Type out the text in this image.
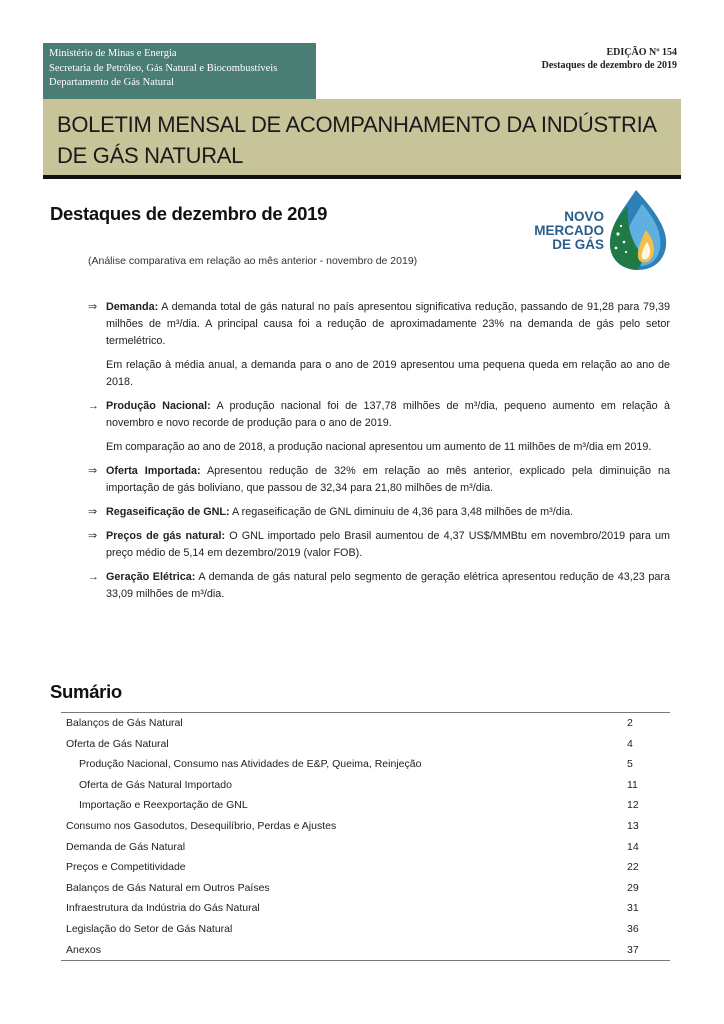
Ministério de Minas e Energia
Secretaria de Petróleo, Gás Natural e Biocombustíveis
Departamento de Gás Natural
EDIÇÃO Nº 154
Destaques de dezembro de 2019
BOLETIM MENSAL DE ACOMPANHAMENTO DA INDÚSTRIA
DE GÁS NATURAL
Destaques de dezembro de 2019	NOVO
MERCADO
DE GÁS
(Análise comparativa em relação ao mês anterior - novembro de 2019)
⇒ Demanda: A demanda total de gás natural no país apresentou significativa redução, passando de 91,28 para 79,39 milhões de m³/dia. A principal causa foi a redução de aproximadamente 23% na demanda de gás pelo setor termelétrico.
Em relação à média anual, a demanda para o ano de 2019 apresentou uma pequena queda em relação ao ano de 2018.
→ Produção Nacional: A produção nacional foi de 137,78 milhões de m³/dia, pequeno aumento em relação à novembro e novo recorde de produção para o ano de 2019.
Em comparação ao ano de 2018, a produção nacional apresentou um aumento de 11 milhões de m³/dia em 2019.
⇒ Oferta Importada: Apresentou redução de 32% em relação ao mês anterior, explicado pela diminuição na importação de gás boliviano, que passou de 32,34 para 21,80 milhões de m³/dia.
⇒ Regaseificação de GNL: A regaseificação de GNL diminuiu de 4,36 para 3,48 milhões de m³/dia.
⇒ Preços de gás natural: O GNL importado pelo Brasil aumentou de 4,37 US$/MMBtu em novembro/2019 para um preço médio de 5,14 em dezembro/2019 (valor FOB).
→ Geração Elétrica: A demanda de gás natural pelo segmento de geração elétrica apresentou redução de 43,23 para 33,09 milhões de m³/dia.
Sumário
Balanços de Gás Natural	2
Oferta de Gás Natural	4
Produção Nacional, Consumo nas Atividades de E&P, Queima, Reinjeção	5
Oferta de Gás Natural Importado	11
Importação e Reexportação de GNL	12
Consumo nos Gasodutos, Desequilíbrio, Perdas e Ajustes	13
Demanda de Gás Natural	14
Preços e Competitividade	22
Balanços de Gás Natural em Outros Países	29
Infraestrutura da Indústria do Gás Natural	31
Legislação do Setor de Gás Natural	36
Anexos	37
